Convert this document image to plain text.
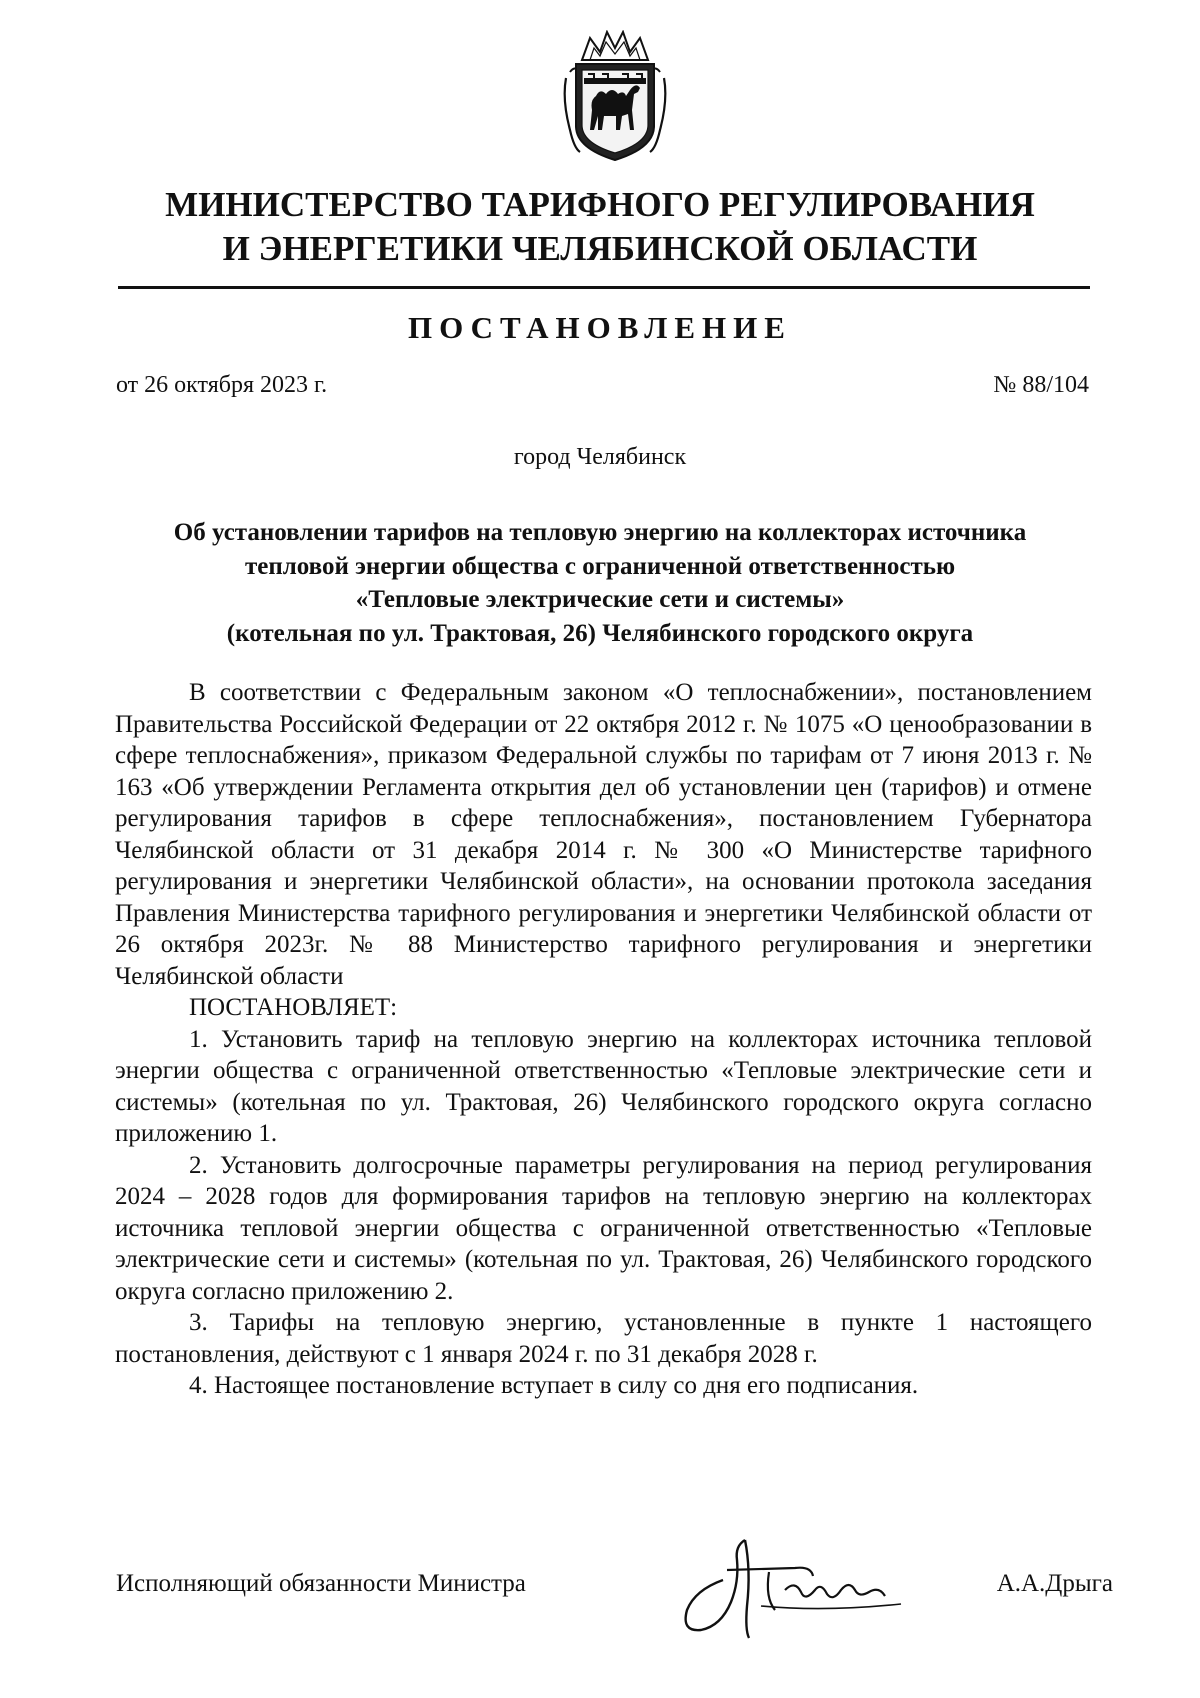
МИНИСТЕРСТВО ТАРИФНОГО РЕГУЛИРОВАНИЯ
И ЭНЕРГЕТИКИ ЧЕЛЯБИНСКОЙ ОБЛАСТИ
ПОСТАНОВЛЕНИЕ
от 26 октября 2023 г.	№ 88/104
город Челябинск
Об установлении тарифов на тепловую энергию на коллекторах источника
тепловой энергии общества с ограниченной ответственностью
«Тепловые электрические сети и системы»
(котельная по ул. Трактовая, 26) Челябинского городского округа

В соответствии с Федеральным законом «О теплоснабжении», постановлением Правительства Российской Федерации от 22 октября 2012 г. № 1075 «О ценообразовании в сфере теплоснабжения», приказом Федеральной службы по тарифам от 7 июня 2013 г. № 163 «Об утверждении Регламента открытия дел об установлении цен (тарифов) и отмене регулирования тарифов в сфере теплоснабжения», постановлением Губернатора Челябинской области от 31 декабря 2014 г. № 300 «О Министерстве тарифного регулирования и энергетики Челябинской области», на основании протокола заседания Правления Министерства тарифного регулирования и энергетики Челябинской области от 26 октября 2023г. № 88 Министерство тарифного регулирования и энергетики Челябинской области

ПОСТАНОВЛЯЕТ:

1. Установить тариф на тепловую энергию на коллекторах источника тепловой энергии общества с ограниченной ответственностью «Тепловые электрические сети и системы» (котельная по ул. Трактовая, 26) Челябинского городского округа согласно приложению 1.

2. Установить долгосрочные параметры регулирования на период регулирования 2024 – 2028 годов для формирования тарифов на тепловую энергию на коллекторах источника тепловой энергии общества с ограниченной ответственностью «Тепловые электрические сети и системы» (котельная по ул. Трактовая, 26) Челябинского городского округа согласно приложению 2.

3. Тарифы на тепловую энергию, установленные в пункте 1 настоящего постановления, действуют с 1 января 2024 г. по 31 декабря 2028 г.

4. Настоящее постановление вступает в силу со дня его подписания.

Исполняющий обязанности Министра	А.А.Дрыга
